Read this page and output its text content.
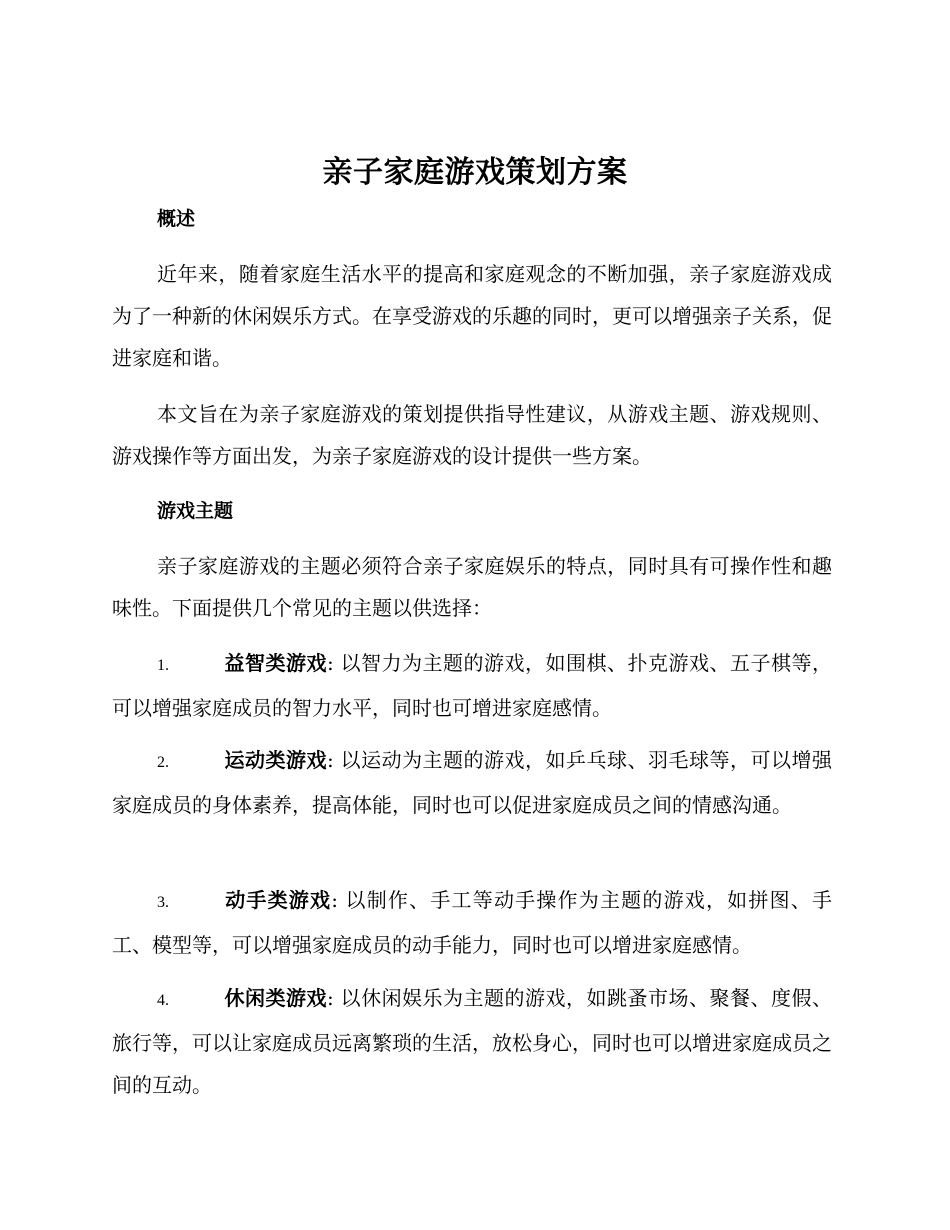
亲子家庭游戏策划方案
概述

近年来，随着家庭生活水平的提高和家庭观念的不断加强，亲子家庭游戏成为了一种新的休闲娱乐方式。在享受游戏的乐趣的同时，更可以增强亲子关系，促进家庭和谐。

本文旨在为亲子家庭游戏的策划提供指导性建议，从游戏主题、游戏规则、游戏操作等方面出发，为亲子家庭游戏的设计提供一些方案。

游戏主题

亲子家庭游戏的主题必须符合亲子家庭娱乐的特点，同时具有可操作性和趣味性。下面提供几个常见的主题以供选择：

1.	益智类游戏: 以智力为主题的游戏，如围棋、扑克游戏、五子棋等，可以增强家庭成员的智力水平，同时也可增进家庭感情。

2.	运动类游戏: 以运动为主题的游戏，如乒乓球、羽毛球等，可以增强家庭成员的身体素养，提高体能，同时也可以促进家庭成员之间的情感沟通。

3.	动手类游戏: 以制作、手工等动手操作为主题的游戏，如拼图、手工、模型等，可以增强家庭成员的动手能力，同时也可以增进家庭感情。

4.	休闲类游戏: 以休闲娱乐为主题的游戏，如跳蚤市场、聚餐、度假、旅行等，可以让家庭成员远离繁琐的生活，放松身心，同时也可以增进家庭成员之间的互动。
